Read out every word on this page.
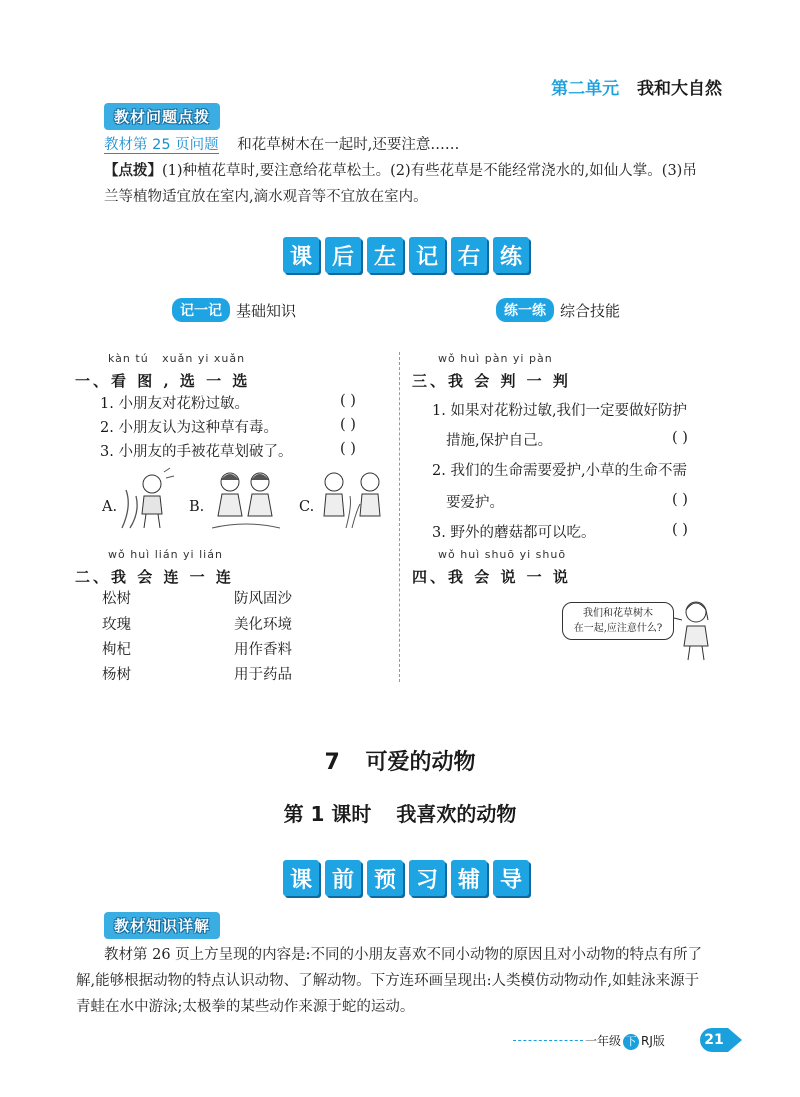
第二单元 我和大自然
教材问题点拨
教材第 25 页问题 和花草树木在一起时,还要注意……
【点拨】(1)种植花草时,要注意给花草松土。(2)有些花草是不能经常浇水的,如仙人掌。(3)吊
兰等植物适宜放在室内,滴水观音等不宜放在室内。
课 后 左 记 右 练
记一记 基础知识	练一练 综合技能
kàn tú   xuǎn yi xuǎn
一、看 图 , 选 一 选
1. 小朋友对花粉过敏。	( )
2. 小朋友认为这种草有毒。	( )
3. 小朋友的手被花草划破了。	( )
A.	B.	C.
wǒ huì lián yi lián
二、我 会 连 一 连
松树
玫瑰
枸杞
杨树
防风固沙
美化环境
用作香料
用于药品
wǒ huì pàn yi pàn
三、我 会 判 一 判
1. 如果对花粉过敏,我们一定要做好防护
措施,保护自己。	( )
2. 我们的生命需要爱护,小草的生命不需
要爱护。	( )
3. 野外的蘑菇都可以吃。	( )
wǒ huì shuō yi shuō
四、我 会 说 一 说
我们和花草树木
在一起,应注意什么?
7 可爱的动物
第 1 课时 我喜欢的动物
课 前 预 习 辅 导
教材知识详解
教材第 26 页上方呈现的内容是:不同的小朋友喜欢不同小动物的原因且对小动物的特点有所了
解,能够根据动物的特点认识动物、了解动物。下方连环画呈现出:人类模仿动物动作,如蛙泳来源于
青蛙在水中游泳;太极拳的某些动作来源于蛇的运动。
一年级 下 RJ版	21
